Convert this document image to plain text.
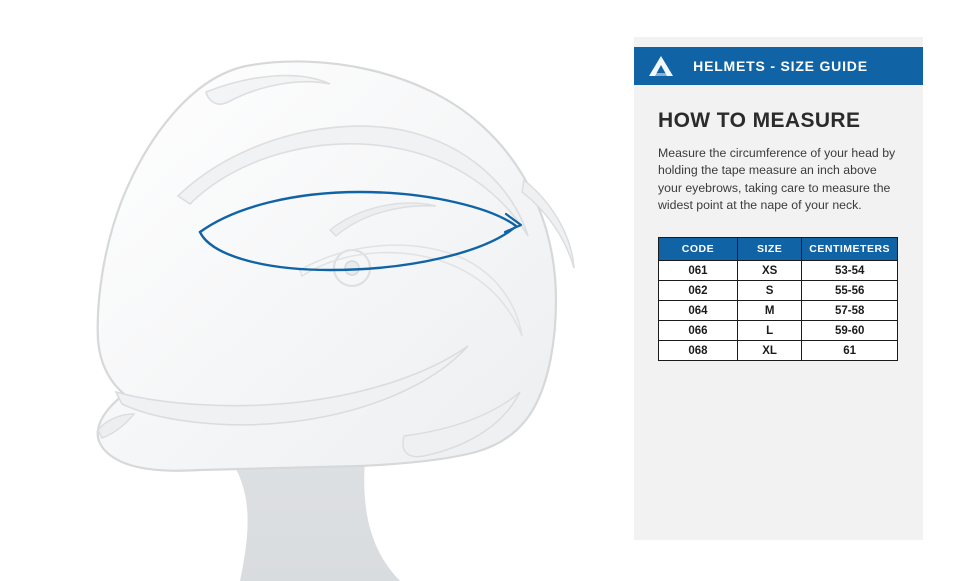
HELMETS - SIZE GUIDE
HOW TO MEASURE

Measure the circumference of your head by holding the tape measure an inch above your eyebrows, taking care to measure the widest point at the nape of your neck.

CODE	SIZE	CENTIMETERS
061	XS	53-54
062	S	55-56
064	M	57-58
066	L	59-60
068	XL	61
